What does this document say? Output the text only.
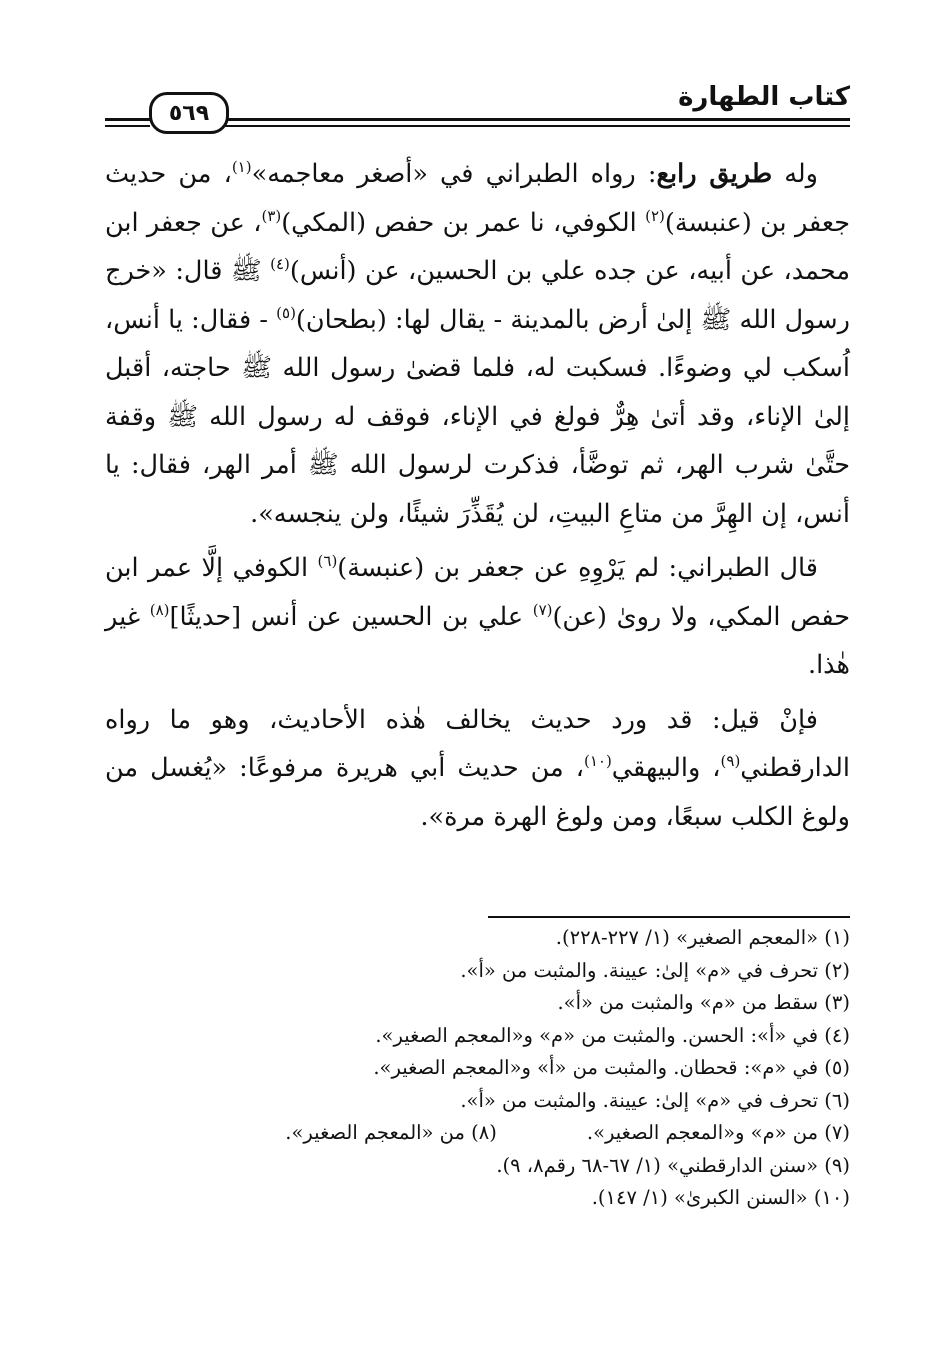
كتاب الطهارة
٥٦٩

وله طريق رابع: رواه الطبراني في «أصغر معاجمه»$^{(١)}$، من حديث جعفر بن (عنبسة)$^{(٢)}$ الكوفي، نا عمر بن حفص (المكي)$^{(٣)}$، عن جعفر ابن محمد، عن أبيه، عن جده علي بن الحسين، عن (أنس)$^{(٤)}$ ﷺ قال: «خرج رسول الله ﷺ إلىٰ أرض بالمدينة - يقال لها: (بطحان)$^{(٥)}$ - فقال: يا أنس، اُسكب لي وضوءًا. فسكبت له، فلما قضىٰ رسول الله ﷺ حاجته، أقبل إلىٰ الإناء، وقد أتىٰ هِرٌّ فولغ في الإناء، فوقف له رسول الله ﷺ وقفة حتَّىٰ شرب الهر، ثم توضَّأ، فذكرت لرسول الله ﷺ أمر الهر، فقال: يا أنس، إن الهِرَّ من متاعِ البيتِ، لن يُقَذِّرَ شيئًا، ولن ينجسه».

قال الطبراني: لم يَرْوِهِ عن جعفر بن (عنبسة)$^{(٦)}$ الكوفي إلَّا عمر ابن حفص المكي، ولا روىٰ (عن)$^{(٧)}$ علي بن الحسين عن أنس [حديثًا]$^{(٨)}$ غير هٰذا.

فإنْ قيل: قد ورد حديث يخالف هٰذه الأحاديث، وهو ما رواه الدارقطني$^{(٩)}$، والبيهقي$^{(١٠)}$، من حديث أبي هريرة مرفوعًا: «يُغسل من ولوغ الكلب سبعًا، ومن ولوغ الهرة مرة».

(١) «المعجم الصغير» (١/ ٢٢٧-٢٢٨).
(٢) تحرف في «م» إلىٰ: عيينة. والمثبت من «أ».
(٣) سقط من «م» والمثبت من «أ».
(٤) في «أ»: الحسن. والمثبت من «م» و«المعجم الصغير».
(٥) في «م»: قحطان. والمثبت من «أ» و«المعجم الصغير».
(٦) تحرف في «م» إلىٰ: عيينة. والمثبت من «أ».
(٧) من «م» و«المعجم الصغير».
(٨) من «المعجم الصغير».
(٩) «سنن الدارقطني» (١/ ٦٧-٦٨ رقم٨، ٩).
(١٠) «السنن الكبرىٰ» (١/ ١٤٧).
